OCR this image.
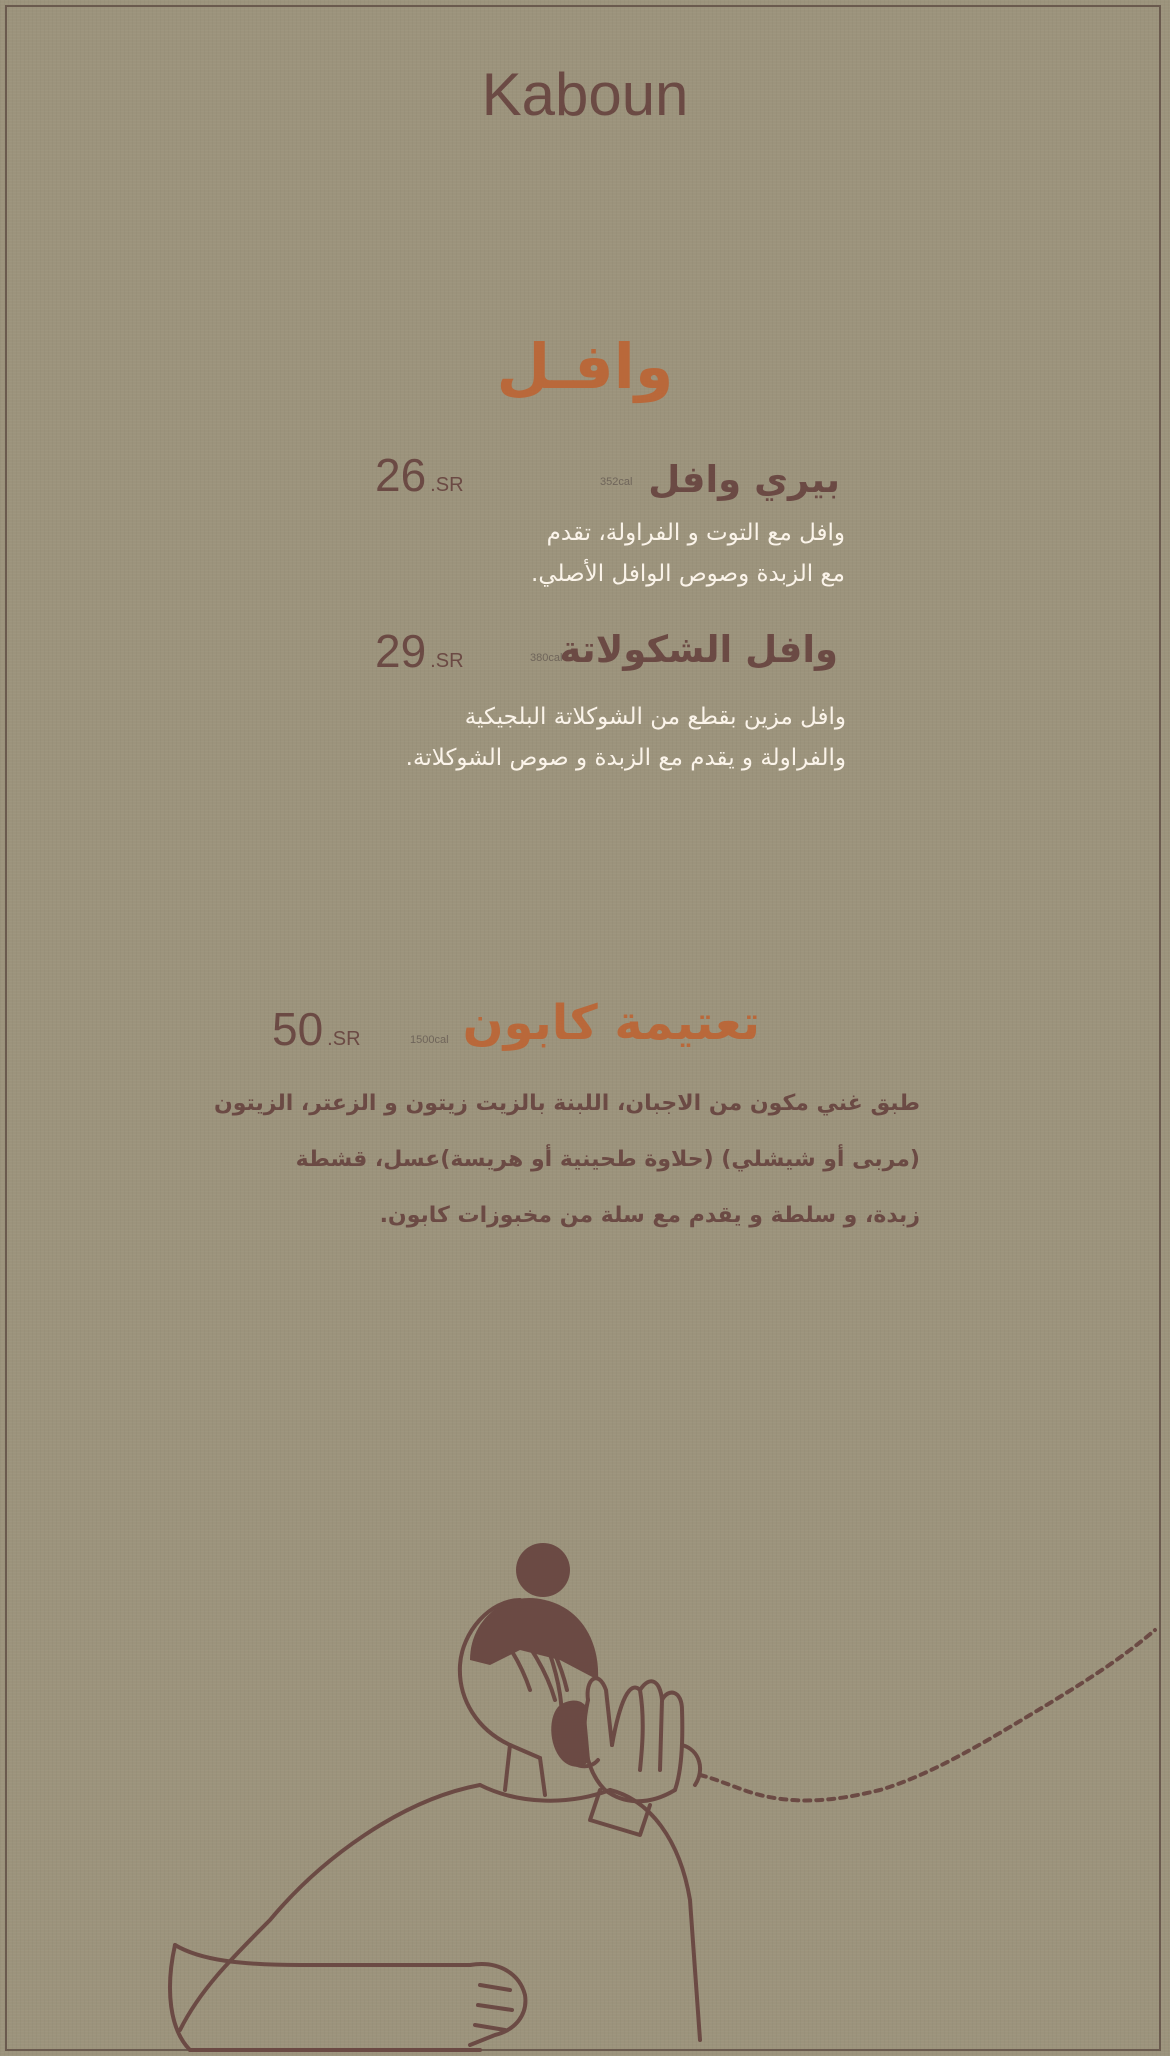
Kaboun
وافـل
بيري وافل
352cal
26 .SR
وافل مع التوت و الفراولة، تقدم
مع الزبدة وصوص الوافل الأصلي.
وافل الشكولاتة
380cal
29 .SR
وافل مزين بقطع من الشوكلاتة البلجيكية
والفراولة و يقدم مع الزبدة و صوص الشوكلاتة.
تعتيمة كابون
1500cal
50 .SR
طبق غني مكون من الاجبان، اللبنة بالزيت زيتون و الزعتر، الزيتون
(مربى أو شيشلي) (حلاوة طحينية أو هريسة)عسل، قشطة
زبدة، و سلطة و يقدم مع سلة من مخبوزات كابون.
